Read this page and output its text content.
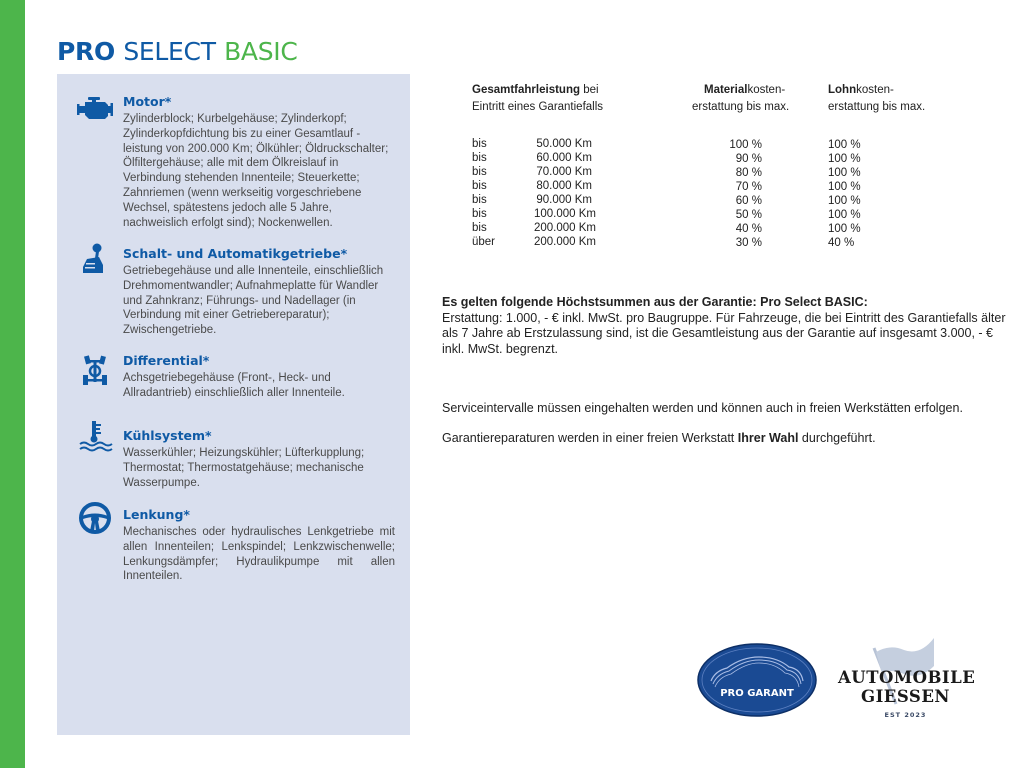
PRO SELECT BASIC
Motor*
Zylinderblock; Kurbelgehäuse; Zylinderkopf; Zylinderkopfdichtung bis zu einer Gesamtlauf - leistung von 200.000 Km; Ölkühler; Öldruckschalter; Ölfiltergehäuse; alle mit dem Ölkreislauf in Verbindung stehenden Innenteile; Steuerkette; Zahnriemen (wenn werkseitig vorgeschriebene Wechsel, spätestens jedoch alle 5 Jahre, nachweislich erfolgt sind); Nockenwellen.
Schalt- und Automatikgetriebe*
Getriebegehäuse und alle Innenteile, einschließlich Drehmomentwandler; Aufnahmeplatte für Wandler und Zahnkranz; Führungs- und Nadellager (in Verbindung mit einer Getriebereparatur); Zwischengetriebe.
Differential*
Achsgetriebegehäuse (Front-, Heck- und Allradantrieb) einschließlich aller Innenteile.
Kühlsystem*
Wasserkühler; Heizungskühler; Lüfterkupplung; Thermostat; Thermostatgehäuse; mechanische Wasserpumpe.
Lenkung*
Mechanisches oder hydraulisches Lenkgetriebe mit allen Innenteilen; Lenkspindel; Lenkzwischenwelle; Lenkungsdämpfer; Hydraulikpumpe mit allen Innenteilen.
Gesamtfahrleistung bei
Eintritt eines Garantiefalls
Materialkosten-
erstattung bis max.
Lohnkosten-
erstattung bis max.
bis	50.000 Km	100 %	100 %
bis	60.000 Km	90 %	100 %
bis	70.000 Km	80 %	100 %
bis	80.000 Km	70 %	100 %
bis	90.000 Km	60 %	100 %
bis	100.000 Km	50 %	100 %
bis	200.000 Km	40 %	100 %
über	200.000 Km	30 %	40 %
Es gelten folgende Höchstsummen aus der Garantie: Pro Select BASIC:
Erstattung: 1.000, - € inkl. MwSt. pro Baugruppe. Für Fahrzeuge, die bei Eintritt des Garantiefalls älter als 7 Jahre ab Erstzulassung sind, ist die Gesamtleistung aus der Garantie auf insgesamt 3.000, - € inkl. MwSt. begrenzt.
Serviceintervalle müssen eingehalten werden und können auch in freien Werkstätten erfolgen.
Garantiereparaturen werden in einer freien Werkstatt Ihrer Wahl durchgeführt.
PRO GARANT
AUTOMOBILE
GIESSEN
EST 2023
